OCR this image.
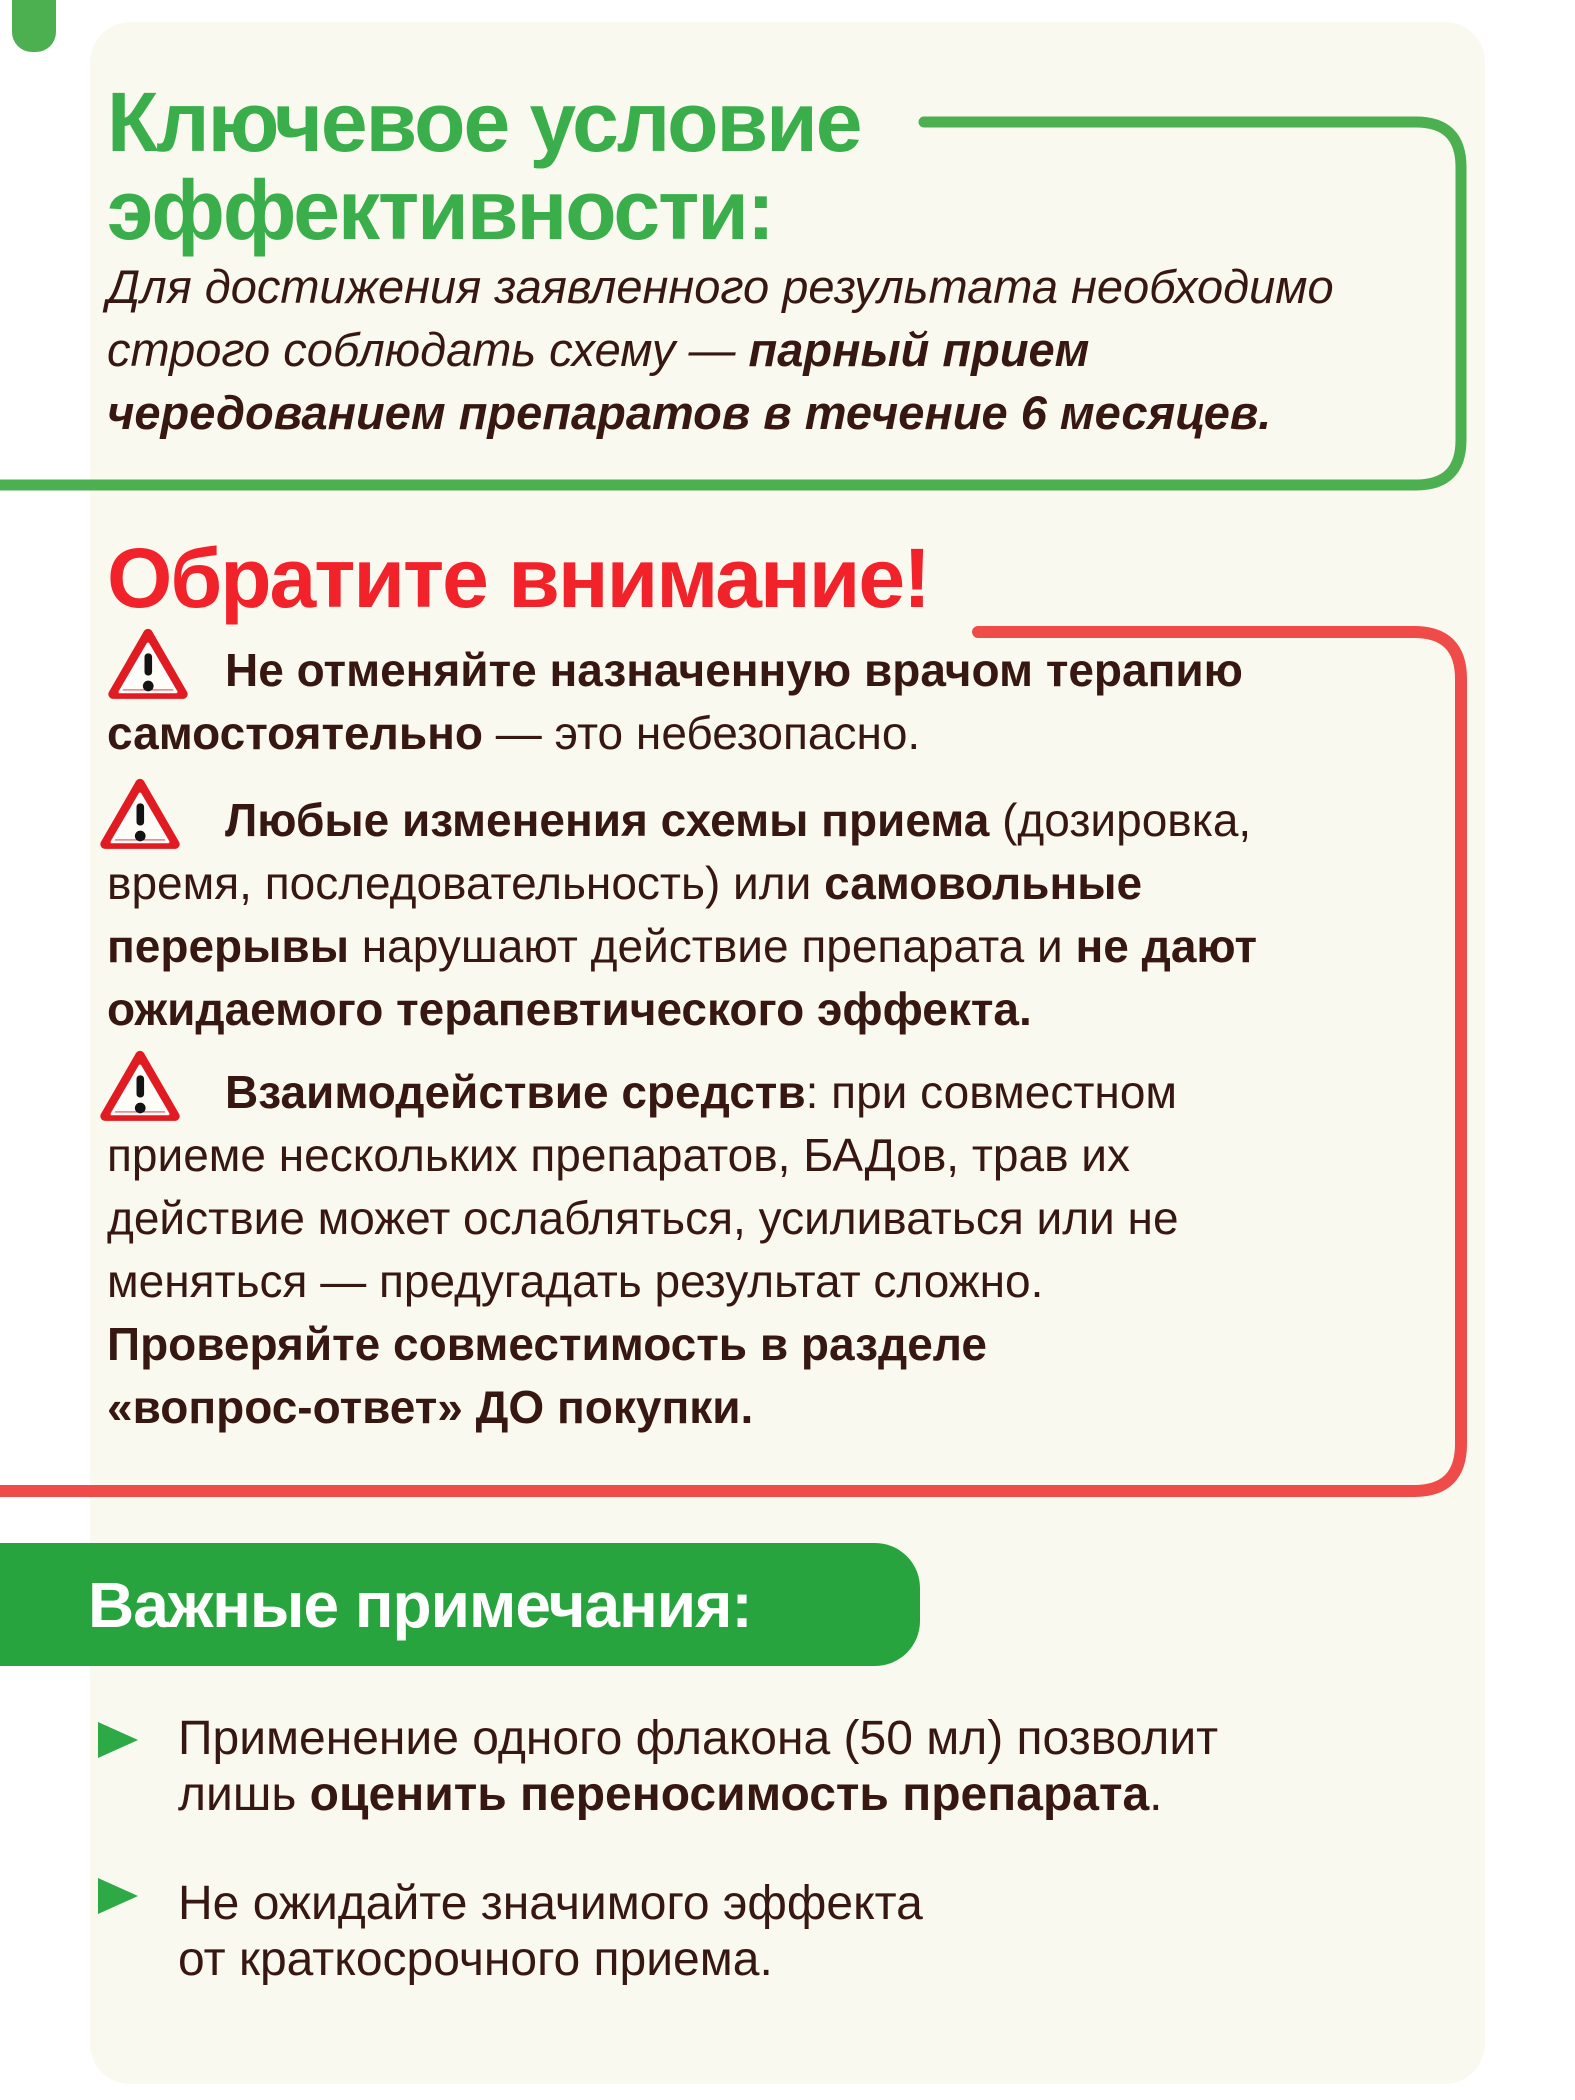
Ключевое условие
эффективности:
Для достижения заявленного результата необходимо
строго соблюдать схему — парный прием
чередованием препаратов в течение 6 месяцев.
Обратите внимание!
Не отменяйте назначенную врачом терапию
самостоятельно — это небезопасно.
Любые изменения схемы приема (дозировка,
время, последовательность) или самовольные
перерывы нарушают действие препарата и не дают
ожидаемого терапевтического эффекта.
Взаимодействие средств: при совместном
приеме нескольких препаратов, БАДов, трав их
действие может ослабляться, усиливаться или не
меняться — предугадать результат сложно.
Проверяйте совместимость в разделе
«вопрос-ответ» ДО покупки.
Важные примечания:
Применение одного флакона (50 мл) позволит
лишь оценить переносимость препарата.
Не ожидайте значимого эффекта
от краткосрочного приема.
